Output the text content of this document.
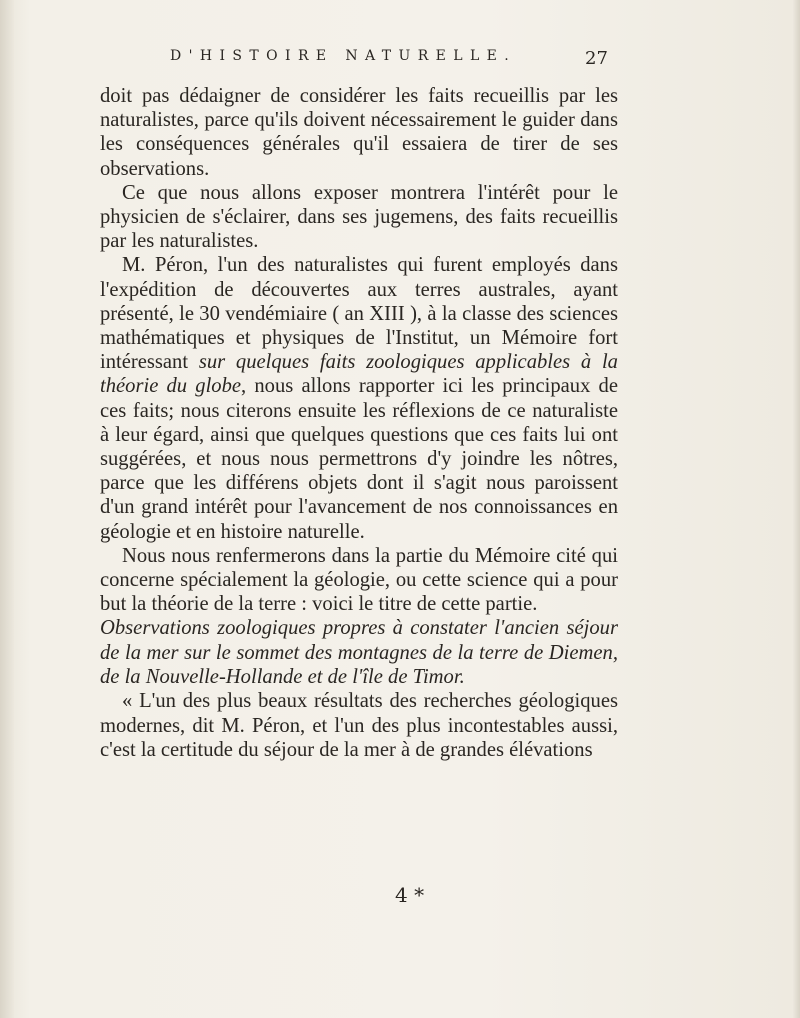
D'HISTOIRE NATURELLE.	27

doit pas dédaigner de considérer les faits recueillis par les naturalistes, parce qu'ils doivent nécessairement le guider dans les conséquences générales qu'il essaiera de tirer de ses observations.

Ce que nous allons exposer montrera l'intérêt pour le physicien de s'éclairer, dans ses jugemens, des faits recueillis par les naturalistes.

M. Péron, l'un des naturalistes qui furent employés dans l'expédition de découvertes aux terres australes, ayant présenté, le 30 vendémiaire ( an XIII ), à la classe des sciences mathématiques et physiques de l'Institut, un Mémoire fort intéressant sur quelques faits zoologiques applicables à la théorie du globe, nous allons rapporter ici les principaux de ces faits; nous citerons ensuite les réflexions de ce naturaliste à leur égard, ainsi que quelques questions que ces faits lui ont suggérées, et nous nous permettrons d'y joindre les nôtres, parce que les différens objets dont il s'agit nous paroissent d'un grand intérêt pour l'avancement de nos connoissances en géologie et en histoire naturelle.

Nous nous renfermerons dans la partie du Mémoire cité qui concerne spécialement la géologie, ou cette science qui a pour but la théorie de la terre : voici le titre de cette partie.

Observations zoologiques propres à constater l'ancien séjour de la mer sur le sommet des montagnes de la terre de Diemen, de la Nouvelle-Hollande et de l'île de Timor.

« L'un des plus beaux résultats des recherches géologiques modernes, dit M. Péron, et l'un des plus incontestables aussi, c'est la certitude du séjour de la mer à de grandes élévations

4 *
